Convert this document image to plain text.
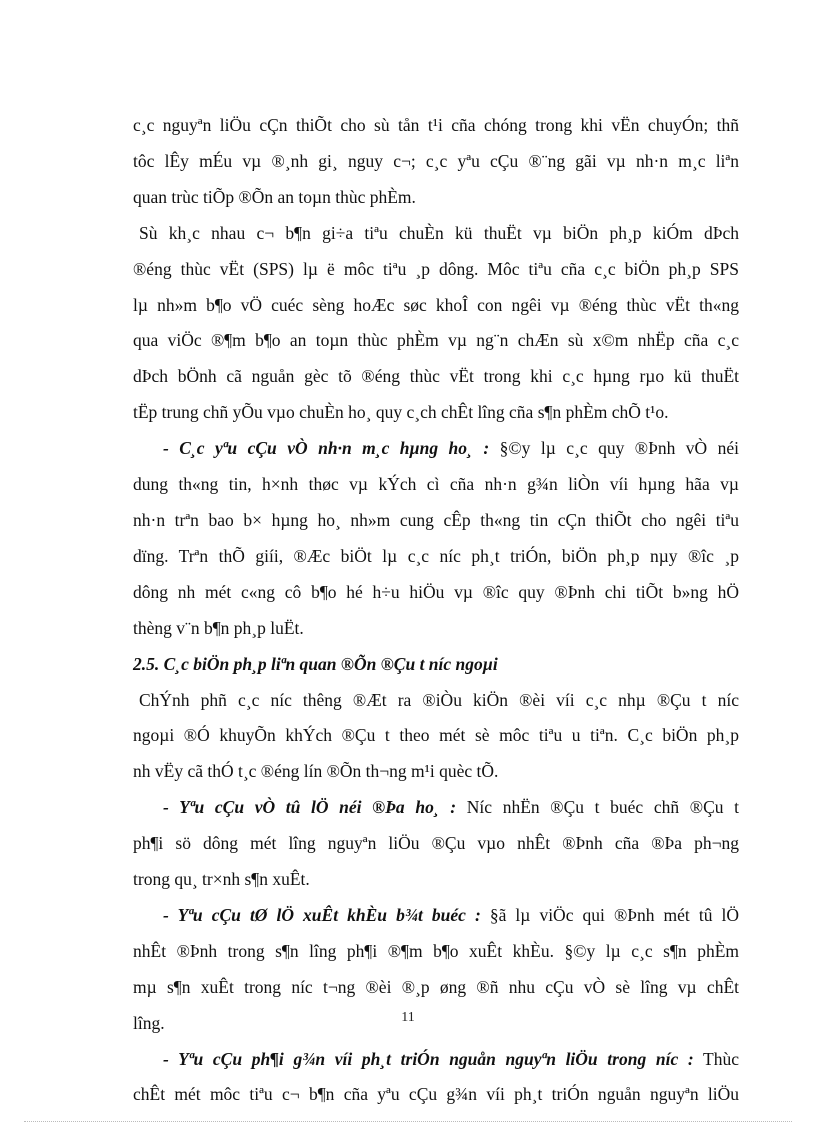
c¸c nguyªn liÖu cÇn thiÕt cho sù tån t¹i cña chóng trong khi vËn chuyÓn; thñ
tôc lÊy mÉu vµ ®¸nh gi¸ nguy c¬; c¸c yªu cÇu ®¨ng gãi vµ nh·n m¸c liªn
quan trùc tiÕp ®Õn an toµn thùc phÈm.
Sù kh¸c nhau c¬ b¶n gi÷a tiªu chuÈn kü thuËt vµ biÖn ph¸p kiÓm dÞch
®éng thùc vËt (SPS) lµ ë môc tiªu ¸p dông. Môc tiªu cña c¸c biÖn ph¸p SPS
lµ nh»m b¶o vÖ cuéc sèng hoÆc søc khoÎ con ngêi vµ ®éng thùc vËt th«ng
qua viÖc ®¶m b¶o an toµn thùc phÈm vµ ng¨n chÆn sù x©m nhËp cña c¸c
dÞch bÖnh cã nguån gèc tõ ®éng thùc vËt trong khi c¸c hµng rµo kü thuËt
tËp trung chñ yÕu vµo chuÈn ho¸ quy c¸ch chÊt lîng cña s¶n phÈm chÕ t¹o.
- C¸c yªu cÇu vÒ nh·n m¸c hµng ho¸ : §©y lµ c¸c quy ®Þnh vÒ néi
dung th«ng tin, h×nh thøc vµ kÝch cì cña nh·n g¾n liÒn víi hµng hãa vµ
nh·n trªn bao b× hµng ho¸ nh»m cung cÊp th«ng tin cÇn thiÕt cho ngêi tiªu
dïng. Trªn thÕ giíi, ®Æc biÖt lµ c¸c níc ph¸t triÓn, biÖn ph¸p nµy ®îc ¸p
dông nh mét c«ng cô b¶o hé h÷u hiÖu vµ ®îc quy ®Þnh chi tiÕt b»ng hÖ
thèng v¨n b¶n ph¸p luËt.
2.5. C¸c biÖn ph¸p liªn quan ®Õn ®Çu t níc ngoµi
ChÝnh phñ c¸c níc thêng ®Æt ra ®iÒu kiÖn ®èi víi c¸c nhµ ®Çu t níc
ngoµi ®Ó khuyÕn khÝch ®Çu t theo mét sè môc tiªu u tiªn. C¸c biÖn ph¸p
nh vËy cã thÓ t¸c ®éng lín ®Õn th¬ng m¹i quèc tÕ.
- Yªu cÇu vÒ tû lÖ néi ®Þa ho¸ : Níc nhËn ®Çu t buéc chñ ®Çu t
ph¶i sö dông mét lîng nguyªn liÖu ®Çu vµo nhÊt ®Þnh cña ®Þa ph¬ng
trong qu¸ tr×nh s¶n xuÊt.
- Yªu cÇu tØ lÖ xuÊt khÈu b¾t buéc : §ã lµ viÖc qui ®Þnh mét tû lÖ
nhÊt ®Þnh trong s¶n lîng ph¶i ®¶m b¶o xuÊt khÈu. §©y lµ c¸c s¶n phÈm
mµ s¶n xuÊt trong níc t¬ng ®èi ®¸p øng ®ñ nhu cÇu vÒ sè lîng vµ chÊt
lîng.
- Yªu cÇu ph¶i g¾n víi ph¸t triÓn nguån nguyªn liÖu trong níc : Thùc
chÊt mét môc tiªu c¬ b¶n cña yªu cÇu g¾n víi ph¸t triÓn nguån nguyªn liÖu
11
